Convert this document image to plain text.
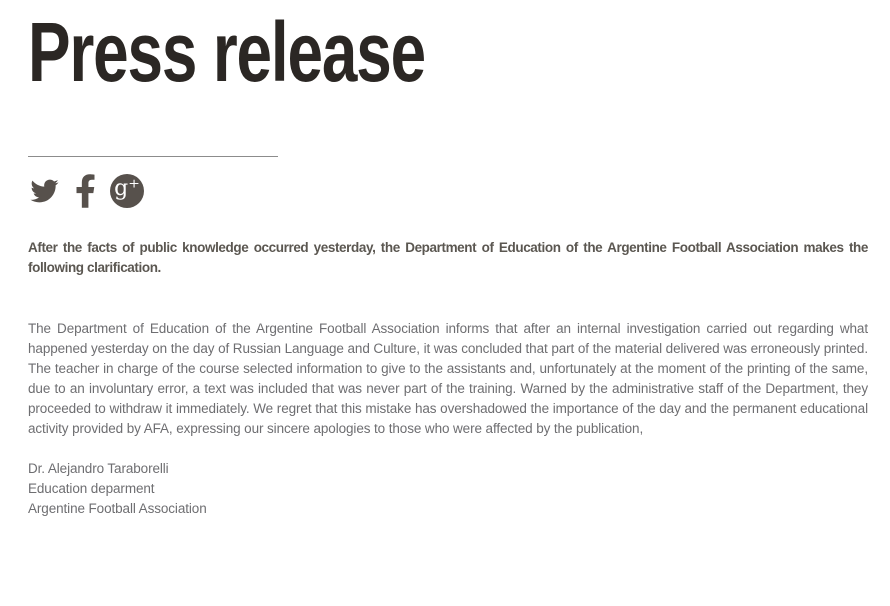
Press release
g⁺

After the facts of public knowledge occurred yesterday, the Department of Education of the Argentine Football Association makes the following clarification.

The Department of Education of the Argentine Football Association informs that after an internal investigation carried out regarding what happened yesterday on the day of Russian Language and Culture, it was concluded that part of the material delivered was erroneously printed. The teacher in charge of the course selected information to give to the assistants and, unfortunately at the moment of the printing of the same, due to an involuntary error, a text was included that was never part of the training. Warned by the administrative staff of the Department, they proceeded to withdraw it immediately. We regret that this mistake has overshadowed the importance of the day and the permanent educational activity provided by AFA, expressing our sincere apologies to those who were affected by the publication,

Dr. Alejandro Taraborelli

Education deparment

Argentine Football Association
